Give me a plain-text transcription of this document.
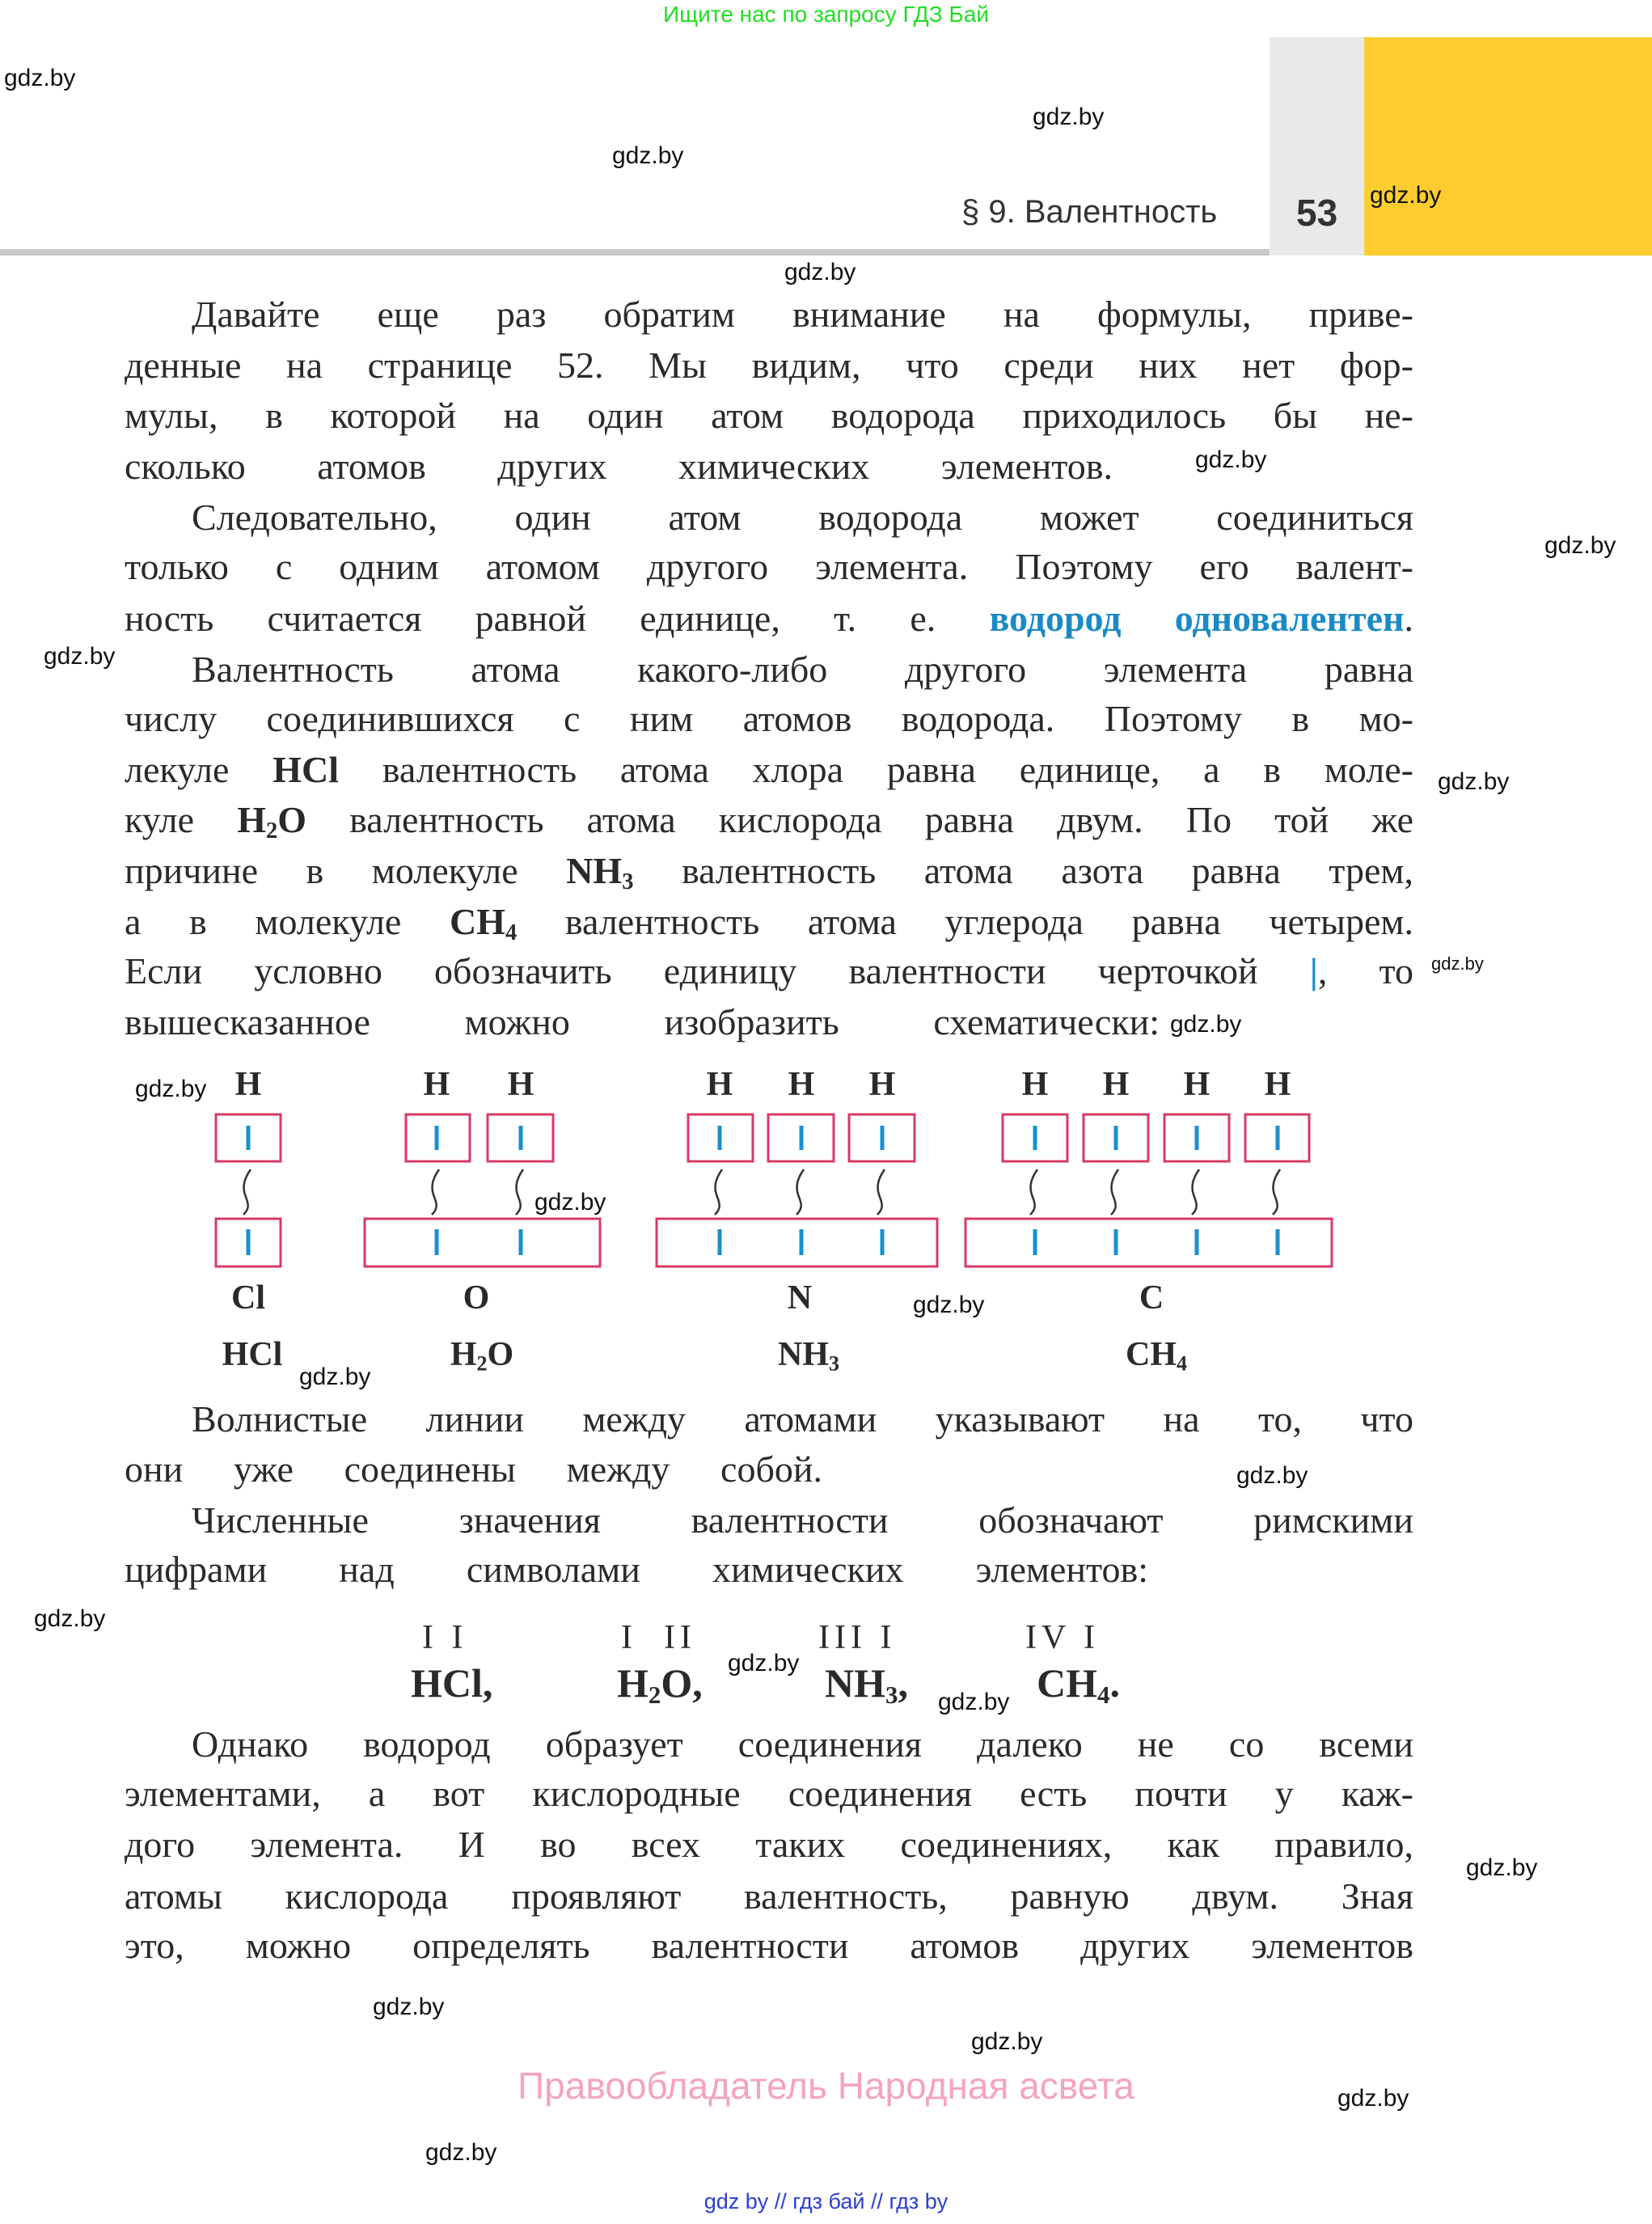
Ищите нас по запросу ГДЗ Бай
§ 9. Валентность 53
Давайте еще раз обратим внимание на формулы, приве-
денные на странице 52. Мы видим, что среди них нет фор-
мулы, в которой на один атом водорода приходилось бы не-
сколько атомов других химических элементов.
Следовательно, один атом водорода может соединиться
только с одним атомом другого элемента. Поэтому его валент-
ность считается равной единице, т. е. водород одновалентен.
Валентность атома какого-либо другого элемента равна
числу соединившихся с ним атомов водорода. Поэтому в мо-
лекуле HCl валентность атома хлора равна единице, а в моле-
куле $H_2O$ валентность атома кислорода равна двум. По той же
причине в молекуле $NH_3$ валентность атома азота равна трем,
а в молекуле $CH_4$ валентность атома углерода равна четырем.
Если условно обозначить единицу валентности черточкой |, то
вышесказанное можно изобразить схематически:
H	H H	H H H	H H H H
Cl	O	N	C
HCl	$H_2O$	$NH_3$	$CH_4$
Волнистые линии между атомами указывают на то, что
они уже соединены между собой.
Численные значения валентности обозначают римскими
цифрами над символами химических элементов:
I I	I  II	III I	IV I
HCl,	$H_2O$,	$NH_3$,	$CH_4$.
Однако водород образует соединения далеко не со всеми
элементами, а вот кислородные соединения есть почти у каж-
дого элемента. И во всех таких соединениях, как правило,
атомы кислорода проявляют валентность, равную двум. Зная
это, можно определять валентности атомов других элементов
Правообладатель Народная асвета
gdz by // гдз бай // гдз by
gdz.by
gdz.by
gdz.by
gdz.by
gdz.by
gdz.by
gdz.by
gdz.by
gdz.by
gdz.by
gdz.by
gdz.by
gdz.by
gdz.by
gdz.by
gdz.by
gdz.by
gdz.by
gdz.by
gdz.by
gdz.by
gdz.by
gdz.by
gdz.by
